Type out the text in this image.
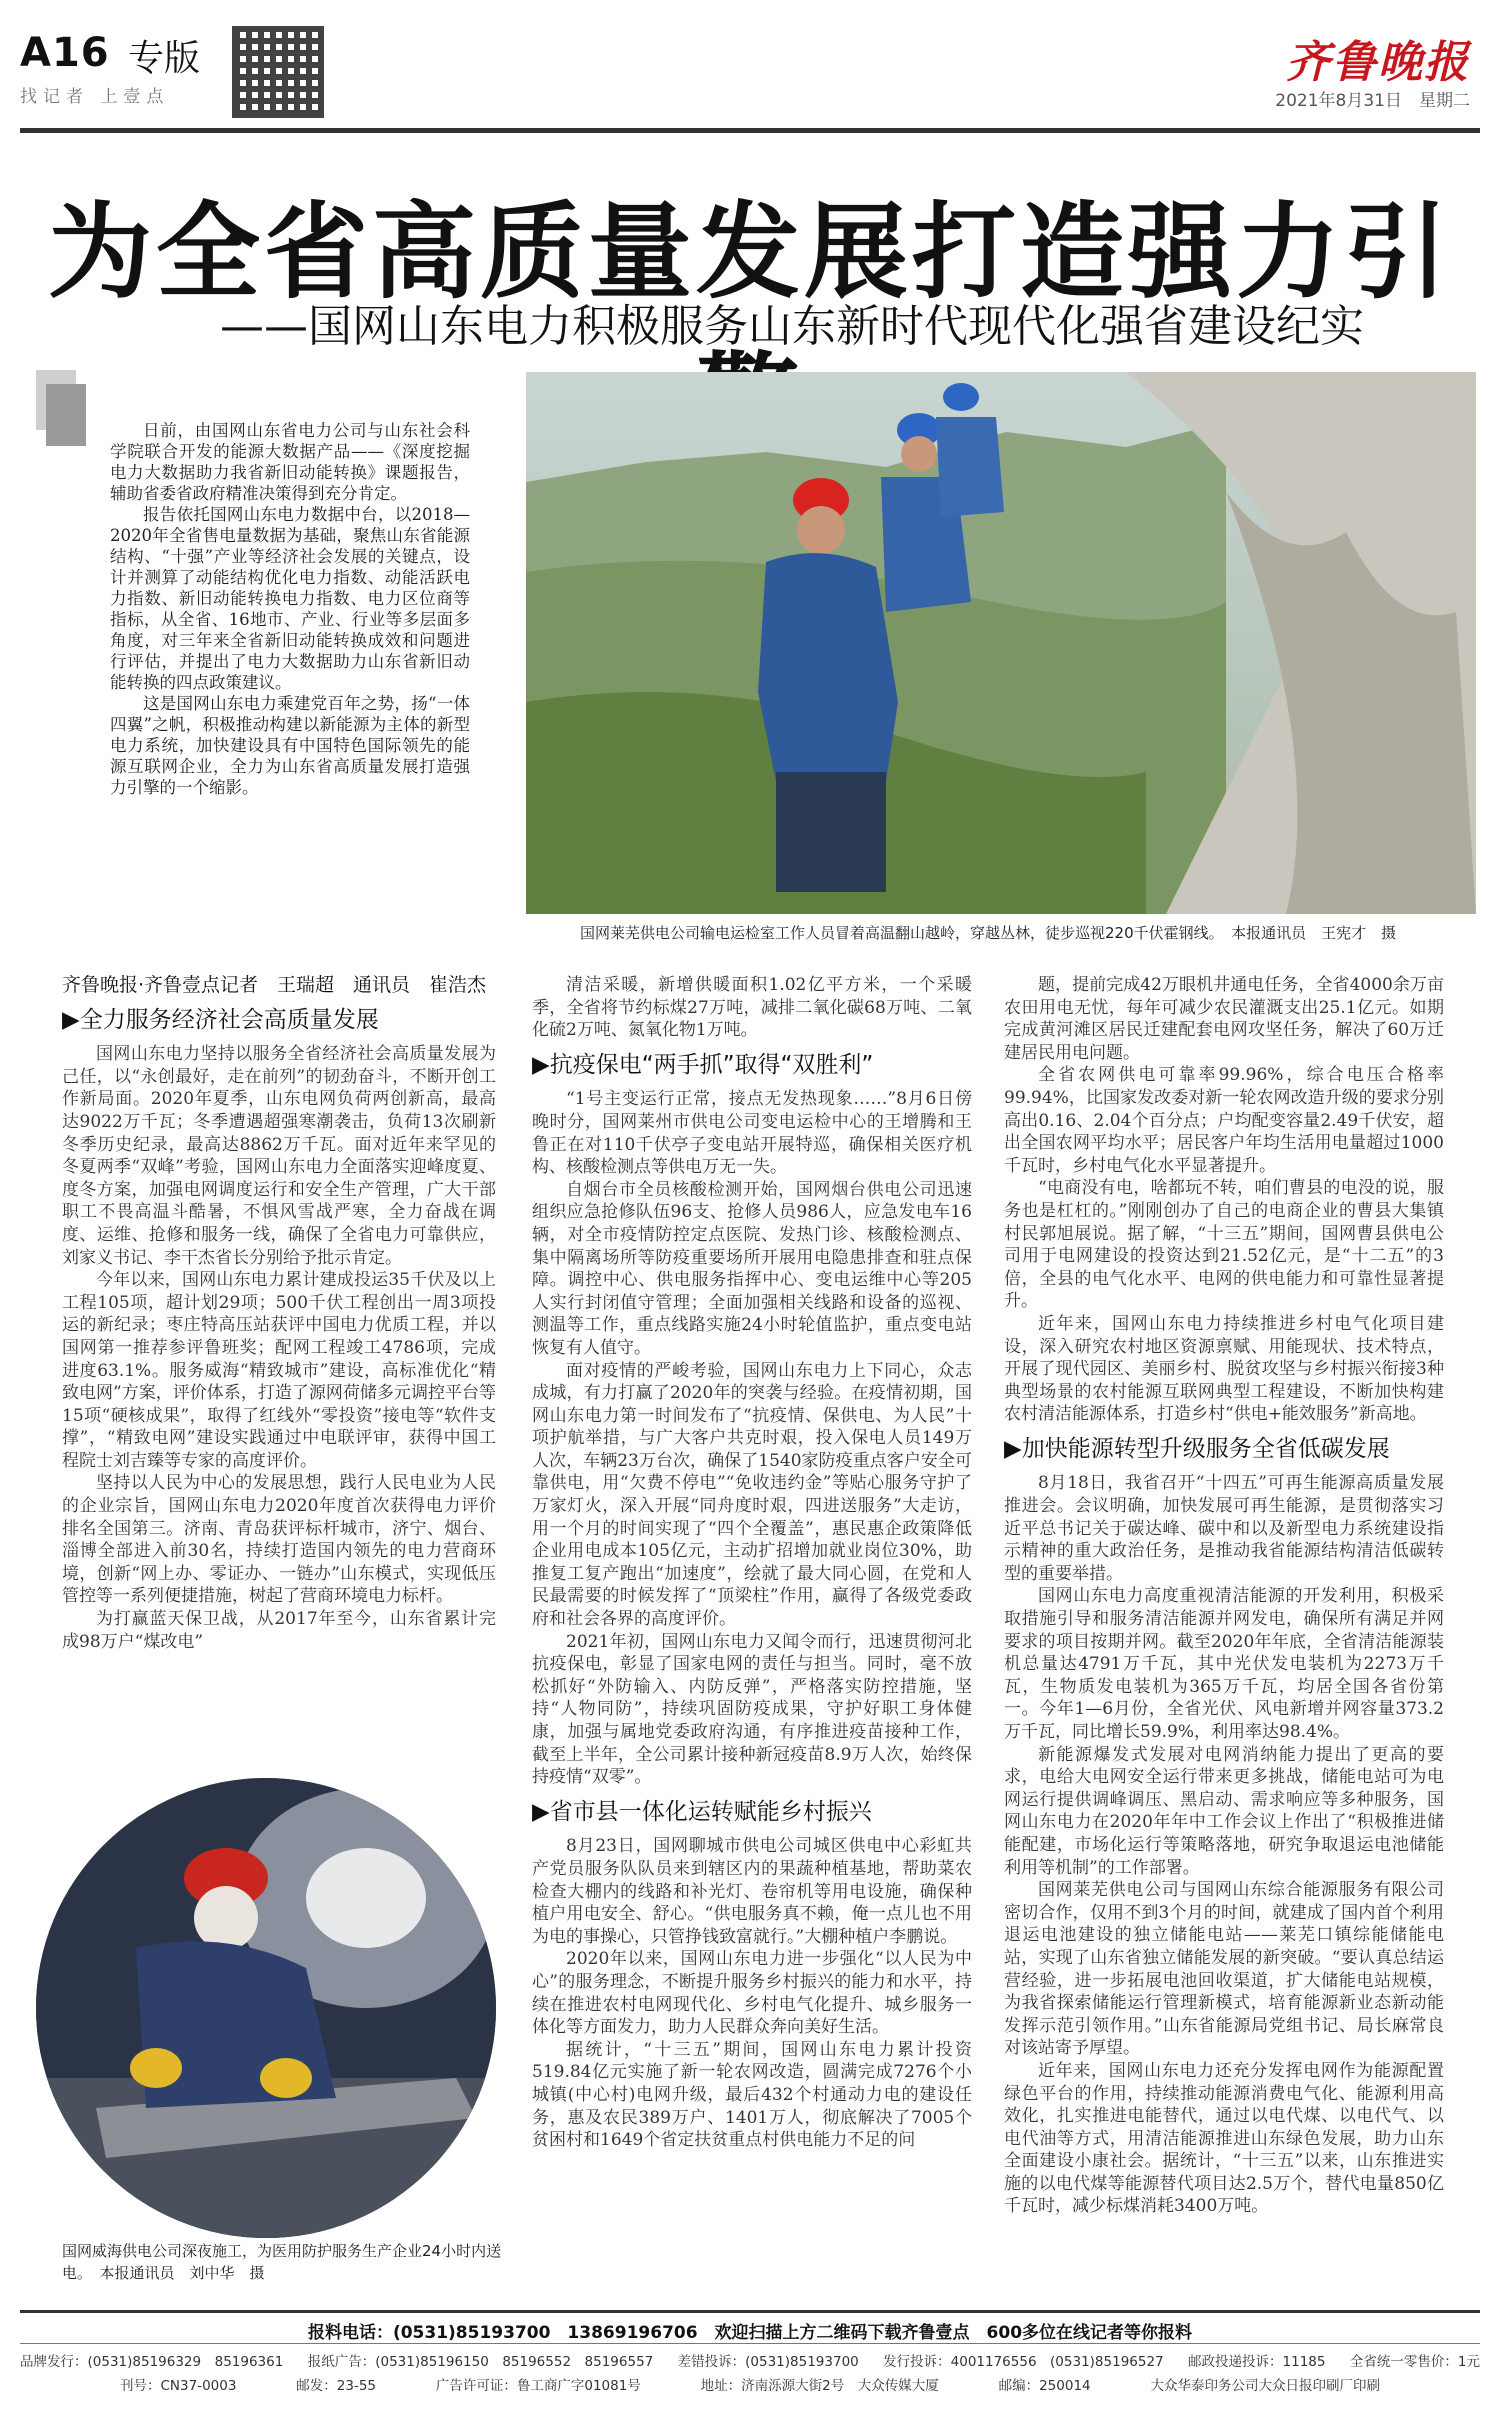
A16 专版
找记者 上壹点
齐鲁晚报
2021年8月31日　星期二
为全省高质量发展打造强力引
——国网山东电力积极服务山东新时代现代化强省建设纪实

日前，由国网山东省电力公司与山东社会科学院联合开发的能源大数据产品——《深度挖掘电力大数据助力我省新旧动能转换》课题报告，辅助省委省政府精准决策得到充分肯定。

报告依托国网山东电力数据中台，以2018—2020年全省售电量数据为基础，聚焦山东省能源结构、“十强”产业等经济社会发展的关键点，设计并测算了动能结构优化电力指数、动能活跃电力指数、新旧动能转换电力指数、电力区位商等指标，从全省、16地市、产业、行业等多层面多角度，对三年来全省新旧动能转换成效和问题进行评估，并提出了电力大数据助力山东省新旧动能转换的四点政策建议。

这是国网山东电力乘建党百年之势，扬“一体四翼”之帆，积极推动构建以新能源为主体的新型电力系统，加快建设具有中国特色国际领先的能源互联网企业，全力为山东省高质量发展打造强力引擎的一个缩影。

国网莱芜供电公司输电运检室工作人员冒着高温翻山越岭，穿越丛林，徒步巡视220千伏霍钢线。　本报通讯员　王宪才　摄

齐鲁晚报·齐鲁壹点记者　王瑞超　通讯员　崔浩杰

▶全力服务经济社会高质量发展

国网山东电力坚持以服务全省经济社会高质量发展为己任，以“永创最好，走在前列”的韧劲奋斗，不断开创工作新局面。2020年夏季，山东电网负荷两创新高，最高达9022万千瓦；冬季遭遇超强寒潮袭击，负荷13次刷新冬季历史纪录，最高达8862万千瓦。面对近年来罕见的冬夏两季“双峰”考验，国网山东电力全面落实迎峰度夏、度冬方案，加强电网调度运行和安全生产管理，广大干部职工不畏高温斗酷暑，不惧风雪战严寒，全力奋战在调度、运维、抢修和服务一线，确保了全省电力可靠供应，刘家义书记、李干杰省长分别给予批示肯定。

今年以来，国网山东电力累计建成投运35千伏及以上工程105项，超计划29项；500千伏工程创出一周3项投运的新纪录；枣庄特高压站获评中国电力优质工程，并以国网第一推荐参评鲁班奖；配网工程竣工4786项，完成进度63.1%。服务威海“精致城市”建设，高标准优化“精致电网”方案，评价体系，打造了源网荷储多元调控平台等15项“硬核成果”，取得了红线外“零投资”接电等“软件支撑”，“精致电网”建设实践通过中电联评审，获得中国工程院士刘吉臻等专家的高度评价。

坚持以人民为中心的发展思想，践行人民电业为人民的企业宗旨，国网山东电力2020年度首次获得电力评价排名全国第三。济南、青岛获评标杆城市，济宁、烟台、淄博全部进入前30名，持续打造国内领先的电力营商环境，创新“网上办、零证办、一链办”山东模式，实现低压管控等一系列便捷措施，树起了营商环境电力标杆。

为打赢蓝天保卫战，从2017年至今，山东省累计完成98万户“煤改电”

国网威海供电公司深夜施工，为医用防护服务生产企业24小时内送电。　本报通讯员　刘中华　摄

清洁采暖，新增供暖面积1.02亿平方米，一个采暖季，全省将节约标煤27万吨，减排二氧化碳68万吨、二氧化硫2万吨、氮氧化物1万吨。

▶抗疫保电“两手抓”取得“双胜利”

“1号主变运行正常，接点无发热现象……”8月6日傍晚时分，国网莱州市供电公司变电运检中心的王增腾和王鲁正在对110千伏亭子变电站开展特巡，确保相关医疗机构、核酸检测点等供电万无一失。

自烟台市全员核酸检测开始，国网烟台供电公司迅速组织应急抢修队伍96支、抢修人员986人，应急发电车16辆，对全市疫情防控定点医院、发热门诊、核酸检测点、集中隔离场所等防疫重要场所开展用电隐患排查和驻点保障。调控中心、供电服务指挥中心、变电运维中心等205人实行封闭值守管理；全面加强相关线路和设备的巡视、测温等工作，重点线路实施24小时轮值监护，重点变电站恢复有人值守。

面对疫情的严峻考验，国网山东电力上下同心，众志成城，有力打赢了2020年的突袭与经验。在疫情初期，国网山东电力第一时间发布了“抗疫情、保供电、为人民”十项护航举措，与广大客户共克时艰，投入保电人员149万人次，车辆23万台次，确保了1540家防疫重点客户安全可靠供电，用“欠费不停电”“免收违约金”等贴心服务守护了万家灯火，深入开展“同舟度时艰，四进送服务”大走访，用一个月的时间实现了“四个全覆盖”，惠民惠企政策降低企业用电成本105亿元，主动扩招增加就业岗位30%，助推复工复产跑出“加速度”，绘就了最大同心圆，在党和人民最需要的时候发挥了“顶梁柱”作用，赢得了各级党委政府和社会各界的高度评价。

2021年初，国网山东电力又闻令而行，迅速贯彻河北抗疫保电，彰显了国家电网的责任与担当。同时，毫不放松抓好“外防输入、内防反弹”，严格落实防控措施，坚持“人物同防”，持续巩固防疫成果，守护好职工身体健康，加强与属地党委政府沟通，有序推进疫苗接种工作，截至上半年，全公司累计接种新冠疫苗8.9万人次，始终保持疫情“双零”。

▶省市县一体化运转赋能乡村振兴

8月23日，国网聊城市供电公司城区供电中心彩虹共产党员服务队队员来到辖区内的果蔬种植基地，帮助菜农检查大棚内的线路和补光灯、卷帘机等用电设施，确保种植户用电安全、舒心。“供电服务真不赖，俺一点儿也不用为电的事操心，只管挣钱致富就行。”大棚种植户李鹏说。

2020年以来，国网山东电力进一步强化“以人民为中心”的服务理念，不断提升服务乡村振兴的能力和水平，持续在推进农村电网现代化、乡村电气化提升、城乡服务一体化等方面发力，助力人民群众奔向美好生活。

据统计，“十三五”期间，国网山东电力累计投资519.84亿元实施了新一轮农网改造，圆满完成7276个小城镇(中心村)电网升级，最后432个村通动力电的建设任务，惠及农民389万户、1401万人，彻底解决了7005个贫困村和1649个省定扶贫重点村供电能力不足的问

题，提前完成42万眼机井通电任务，全省4000余万亩农田用电无忧，每年可减少农民灌溉支出25.1亿元。如期完成黄河滩区居民迁建配套电网攻坚任务，解决了60万迁建居民用电问题。

全省农网供电可靠率99.96%，综合电压合格率99.94%，比国家发改委对新一轮农网改造升级的要求分别高出0.16、2.04个百分点；户均配变容量2.49千伏安，超出全国农网平均水平；居民客户年均生活用电量超过1000千瓦时，乡村电气化水平显著提升。

“电商没有电，啥都玩不转，咱们曹县的电没的说，服务也是杠杠的。”刚刚创办了自己的电商企业的曹县大集镇村民郭旭展说。据了解，“十三五”期间，国网曹县供电公司用于电网建设的投资达到21.52亿元，是“十二五”的3倍，全县的电气化水平、电网的供电能力和可靠性显著提升。

近年来，国网山东电力持续推进乡村电气化项目建设，深入研究农村地区资源禀赋、用能现状、技术特点，开展了现代园区、美丽乡村、脱贫攻坚与乡村振兴衔接3种典型场景的农村能源互联网典型工程建设，不断加快构建农村清洁能源体系，打造乡村“供电+能效服务”新高地。

▶加快能源转型升级服务全省低碳发展

8月18日，我省召开“十四五”可再生能源高质量发展推进会。会议明确，加快发展可再生能源，是贯彻落实习近平总书记关于碳达峰、碳中和以及新型电力系统建设指示精神的重大政治任务，是推动我省能源结构清洁低碳转型的重要举措。

国网山东电力高度重视清洁能源的开发利用，积极采取措施引导和服务清洁能源并网发电，确保所有满足并网要求的项目按期并网。截至2020年年底，全省清洁能源装机总量达4791万千瓦，其中光伏发电装机为2273万千瓦，生物质发电装机为365万千瓦，均居全国各省份第一。今年1—6月份，全省光伏、风电新增并网容量373.2万千瓦，同比增长59.9%，利用率达98.4%。

新能源爆发式发展对电网消纳能力提出了更高的要求，电给大电网安全运行带来更多挑战，储能电站可为电网运行提供调峰调压、黑启动、需求响应等多种服务，国网山东电力在2020年年中工作会议上作出了“积极推进储能配建，市场化运行等策略落地，研究争取退运电池储能利用等机制”的工作部署。

国网莱芜供电公司与国网山东综合能源服务有限公司密切合作，仅用不到3个月的时间，就建成了国内首个利用退运电池建设的独立储能电站——莱芜口镇综能储能电站，实现了山东省独立储能发展的新突破。“要认真总结运营经验，进一步拓展电池回收渠道，扩大储能电站规模，为我省探索储能运行管理新模式，培育能源新业态新动能发挥示范引领作用。”山东省能源局党组书记、局长麻常良对该站寄予厚望。

近年来，国网山东电力还充分发挥电网作为能源配置绿色平台的作用，持续推动能源消费电气化、能源利用高效化，扎实推进电能替代，通过以电代煤、以电代气、以电代油等方式，用清洁能源推进山东绿色发展，助力山东全面建设小康社会。据统计，“十三五”以来，山东推进实施的以电代煤等能源替代项目达2.5万个，替代电量850亿千瓦时，减少标煤消耗3400万吨。

报料电话：(0531)85193700　13869196706　欢迎扫描上方二维码下载齐鲁壹点　600多位在线记者等你报料
品牌发行：(0531)85196329　85196361 报纸广告：(0531)85196150　85196552　85196557 差错投诉：(0531)85193700 发行投诉：4001176556　(0531)85196527 邮政投递投诉：11185 全省统一零售价：1元
刊号：CN37-0003	邮发：23-55	广告许可证：鲁工商广字01081号	地址：济南泺源大街2号　大众传媒大厦	邮编：250014	大众华泰印务公司大众日报印刷厂印刷
